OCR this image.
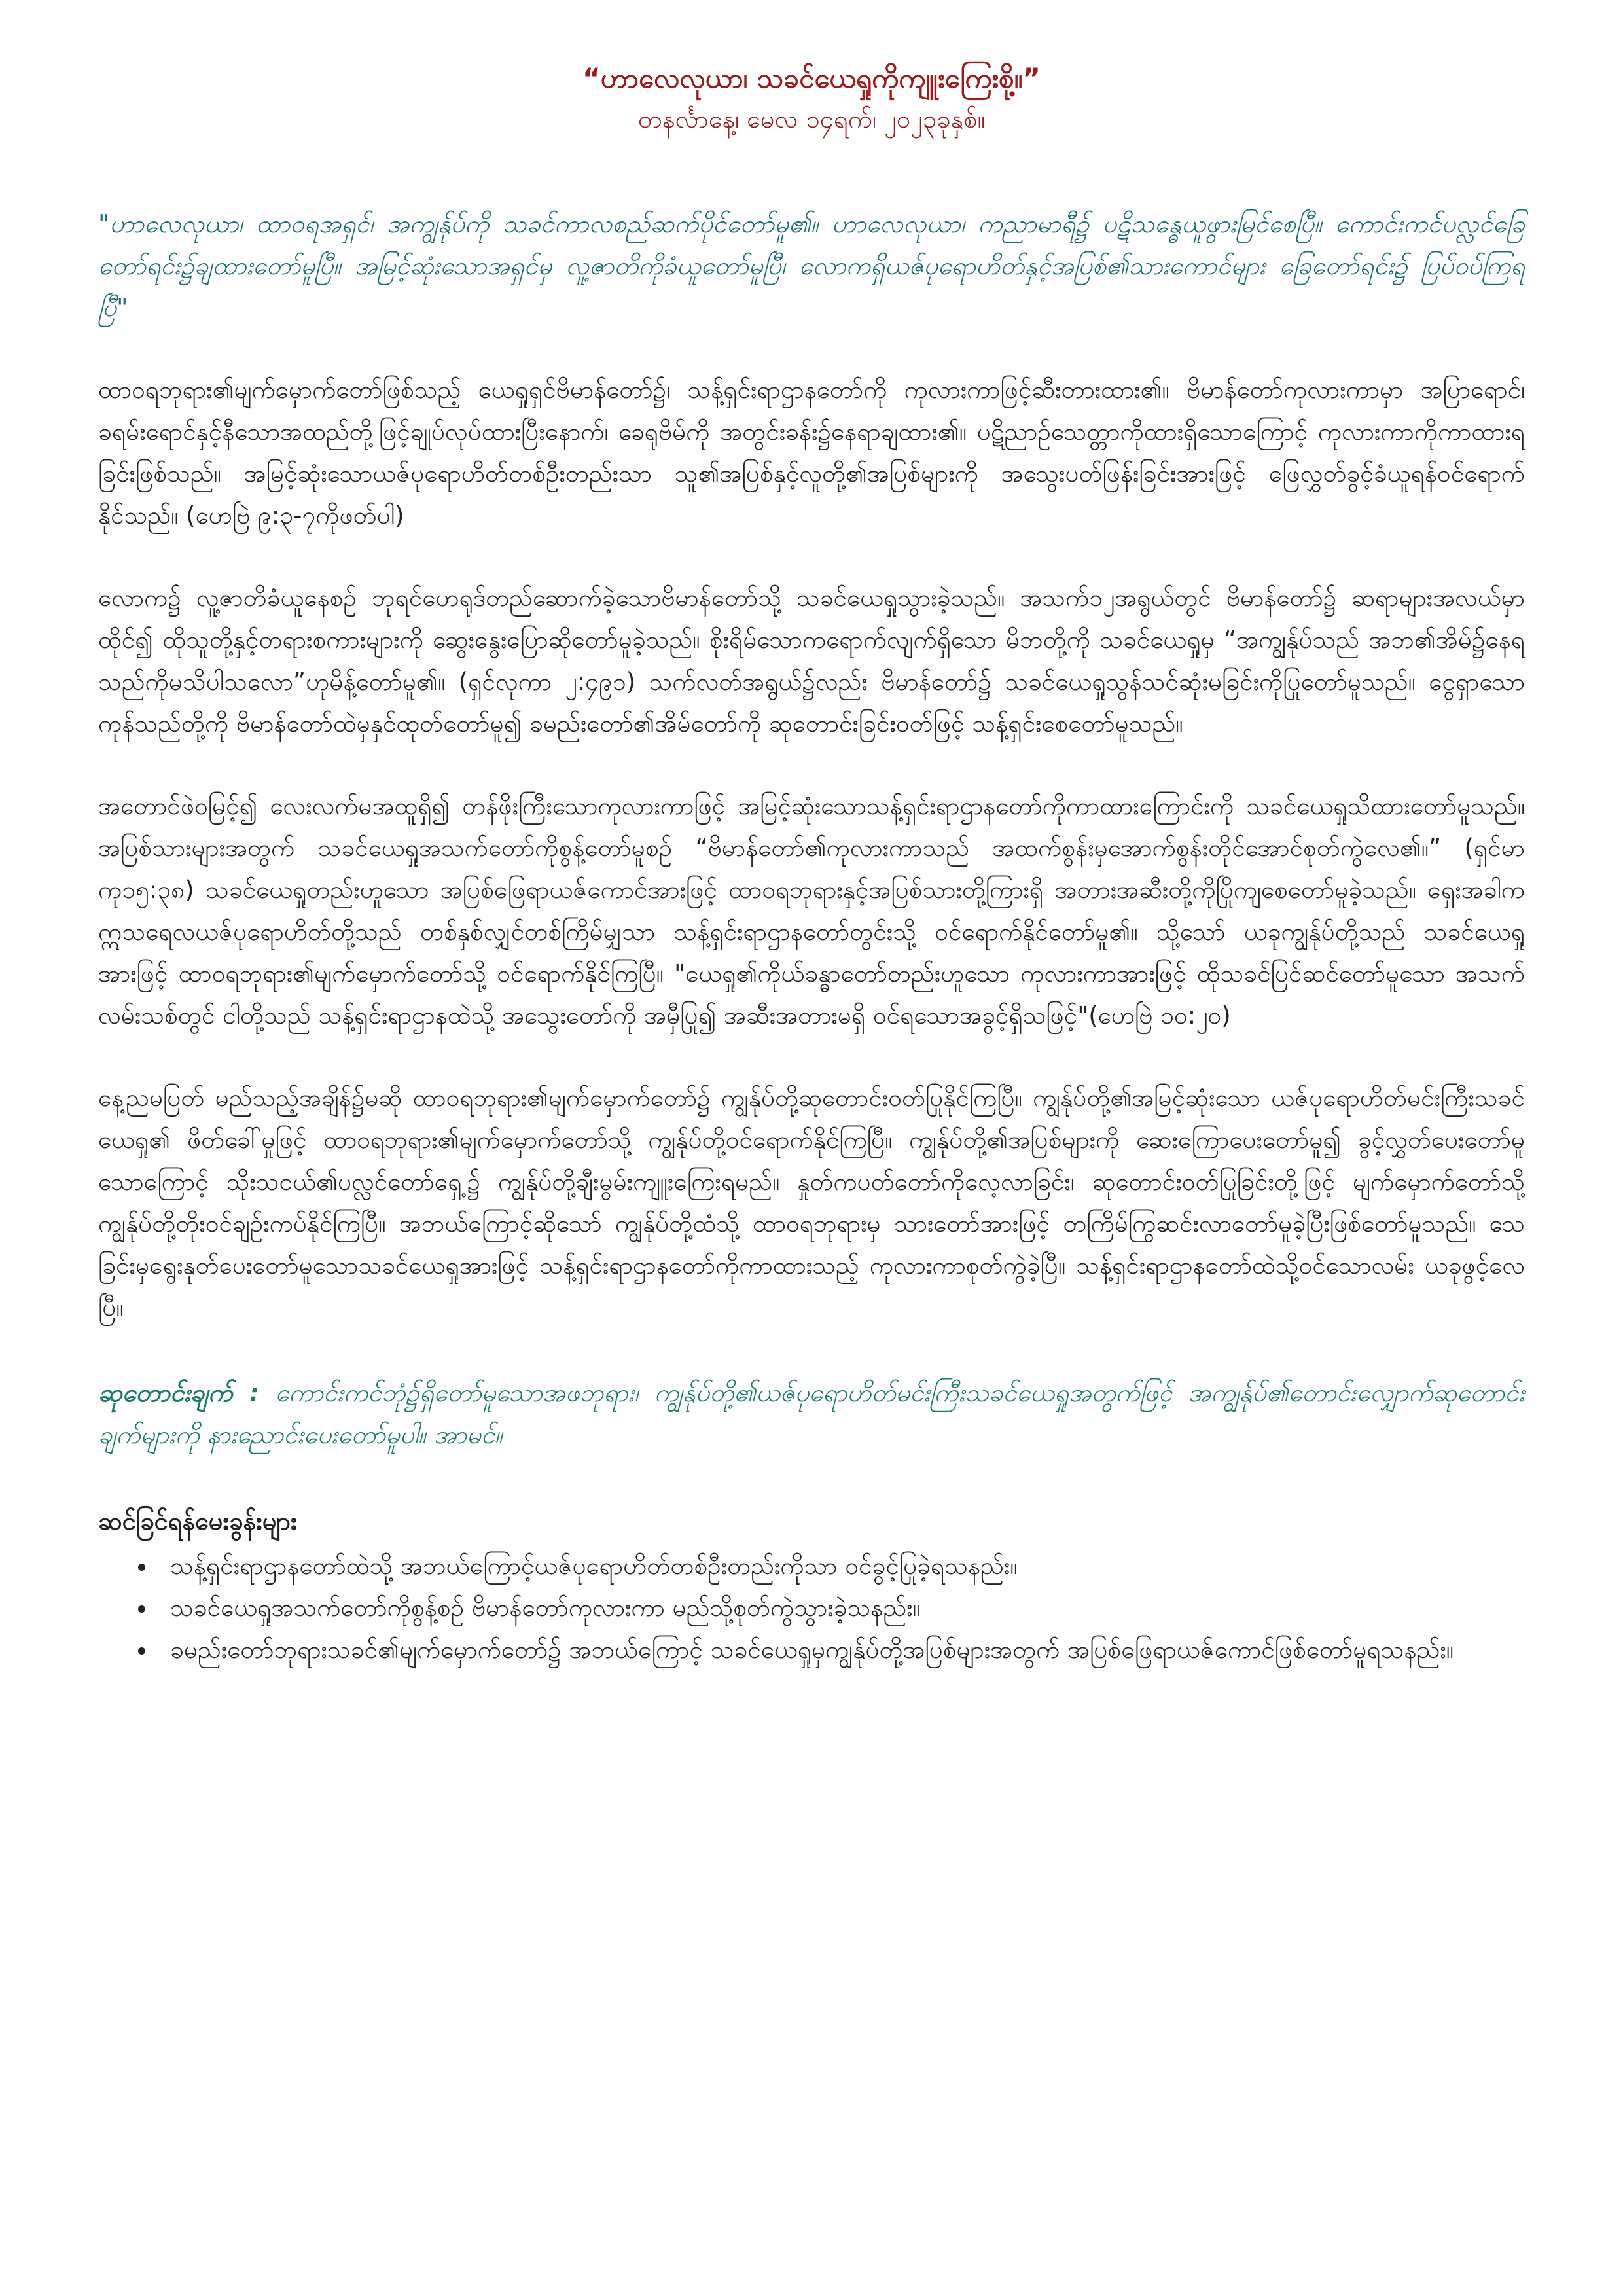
“ဟာလေလုယာ၊ သခင်ယေရှုကိုကျူးကြေးစို့။”
တနင်္လာနေ့၊ မေလ ၁၄ရက်၊ ၂၀၂၃ခုနှစ်။
"ဟာလေလုယာ၊ ထာဝရအရှင်၊ အကျွန်ုပ်ကို သခင်ကာလစည်ဆက်ပိုင်တော်မူ၏။ ဟာလေလုယာ၊ ကညာမာရီ၌ ပဋိသန္ဓေယူဖွားမြင်စေပြီ။ ကောင်းကင်ပလ္လင်ခြေတော်ရင်း၌ချထားတော်မူပြီ။ အမြင့်ဆုံးသောအရှင်မှ လူ့ဇာတိကိုခံယူတော်မူပြီ၊ လောကရှိယဇ်ပုရောဟိတ်နှင့်အပြစ်၏သားကောင်များ ခြေတော်ရင်း၌ ပြပ်ဝပ်ကြရပြီ"
ထာဝရဘုရား၏မျက်မှောက်တော်ဖြစ်သည့် ယေရှုရှင်ဗိမာန်တော်၌၊ သန့်ရှင်းရာဌာနတော်ကို ကုလားကာဖြင့်ဆီးတားထား၏။ ဗိမာန်တော်ကုလားကာမှာ အပြာရောင်၊ ခရမ်းရောင်နှင့်နီသောအထည်တို့ဖြင့်ချုပ်လုပ်ထားပြီးနောက်၊ ခေရုဗိမ်ကို အတွင်းခန်း၌နေရာချထား၏။ ပဋိညာဉ်သေတ္တာကိုထားရှိသောကြောင့် ကုလားကာကိုကာထားရခြင်းဖြစ်သည်။ အမြင့်ဆုံးသောယဇ်ပုရောဟိတ်တစ်ဦးတည်းသာ သူ၏အပြစ်နှင့်လူတို့၏အပြစ်များကို အသွေးပတ်ဖြန်းခြင်းအားဖြင့် ဖြေလွှတ်ခွင့်ခံယူရန်ဝင်ရောက်နိုင်သည်။ (ဟေဗြဲ ၉:၃-၇ကိုဖတ်ပါ)
လောက၌ လူ့ဇာတိခံယူနေစဉ် ဘုရင်ဟေရုဒ်တည်ဆောက်ခဲ့သောဗိမာန်တော်သို့ သခင်ယေရှုသွားခဲ့သည်။ အသက်၁၂အရွယ်တွင် ဗိမာန်တော်၌ ဆရာများအလယ်မှာထိုင်၍ ထိုသူတို့နှင့်တရားစကားများကို ဆွေးနွေးပြောဆိုတော်မူခဲ့သည်။ စိုးရိမ်သောကရောက်လျက်ရှိသော မိဘတို့ကို သခင်ယေရှုမှ “အကျွန်ုပ်သည် အဘ၏အိမ်၌နေရသည်ကိုမသိပါသလော”ဟုမိန့်တော်မူ၏။ (ရှင်လုကာ ၂:၄၉၁) သက်လတ်အရွယ်၌လည်း ဗိမာန်တော်၌ သခင်ယေရှုသွန်သင်ဆုံးမခြင်းကိုပြုတော်မူသည်။ ငွေရှာသောကုန်သည်တို့ကို ဗိမာန်တော်ထဲမှနှင်ထုတ်တော်မူ၍ ခမည်းတော်၏အိမ်တော်ကို ဆုတောင်းခြင်းဝတ်ဖြင့် သန့်ရှင်းစေတော်မူသည်။
အတောင်ဖဲဝမြင့်၍ လေးလက်မအထူရှိ၍ တန်ဖိုးကြီးသောကုလားကာဖြင့် အမြင့်ဆုံးသောသန့်ရှင်းရာဌာနတော်ကိုကာထားကြောင်းကို သခင်ယေရှုသိထားတော်မူသည်။ အပြစ်သားများအတွက် သခင်ယေရှုအသက်တော်ကိုစွန့်တော်မူစဉ် “ဗိမာန်တော်၏ကုလားကာသည် အထက်စွန်းမှအောက်စွန်းတိုင်အောင်စုတ်ကွဲလေ၏။” (ရှင်မာကု၁၅:၃၈) သခင်ယေရှုတည်းဟူသော အပြစ်ဖြေရာယဇ်ကောင်အားဖြင့် ထာဝရဘုရားနှင့်အပြစ်သားတို့ကြားရှိ အတားအဆီးတို့ကိုပြိုကျစေတော်မူခဲ့သည်။ ရှေးအခါက ဣသရေလယဇ်ပုရောဟိတ်တို့သည် တစ်နှစ်လျှင်တစ်ကြိမ်မျှသာ သန့်ရှင်းရာဌာနတော်တွင်းသို့ ဝင်ရောက်နိုင်တော်မူ၏။ သို့သော် ယခုကျွန်ုပ်တို့သည် သခင်ယေရှုအားဖြင့် ထာဝရဘုရား၏မျက်မှောက်တော်သို့ ဝင်ရောက်နိုင်ကြပြီ။ "ယေရှု၏ကိုယ်ခန္ဓာတော်တည်းဟူသော ကုလားကာအားဖြင့် ထိုသခင်ပြင်ဆင်တော်မူသော အသက်လမ်းသစ်တွင် ငါတို့သည် သန့်ရှင်းရာဌာနထဲသို့ အသွေးတော်ကို အမှီပြု၍ အဆီးအတားမရှိ ဝင်ရသောအခွင့်ရှိသဖြင့်"(ဟေဗြဲ ၁၀:၂၀)
နေ့ညမပြတ် မည်သည့်အချိန်၌မဆို ထာဝရဘုရား၏မျက်မှောက်တော်၌ ကျွန်ုပ်တို့ဆုတောင်းဝတ်ပြုနိုင်ကြပြီ။ ကျွန်ုပ်တို့၏အမြင့်ဆုံးသော ယဇ်ပုရောဟိတ်မင်းကြီးသခင်ယေရှု၏ ဖိတ်ခေါ်မှုဖြင့် ထာဝရဘုရား၏မျက်မှောက်တော်သို့ ကျွန်ုပ်တို့ဝင်ရောက်နိုင်ကြပြီ။ ကျွန်ုပ်တို့၏အပြစ်များကို ဆေးကြောပေးတော်မူ၍ ခွင့်လွှတ်ပေးတော်မူသောကြောင့် သိုးသငယ်၏ပလ္လင်တော်ရှေ့၌ ကျွန်ုပ်တို့ချီးမွမ်းကျူးကြေးရမည်။ နှုတ်ကပတ်တော်ကိုလေ့လာခြင်း၊ ဆုတောင်းဝတ်ပြုခြင်းတို့ဖြင့် မျက်မှောက်တော်သို့ ကျွန်ုပ်တို့တိုးဝင်ချဉ်းကပ်နိုင်ကြပြီ။ အဘယ်ကြောင့်ဆိုသော် ကျွန်ုပ်တို့ထံသို့ ထာဝရဘုရားမှ သားတော်အားဖြင့် တကြိမ်ကြွဆင်းလာတော်မူခဲ့ပြီးဖြစ်တော်မူသည်။ သေခြင်းမှရွေးနုတ်ပေးတော်မူသောသခင်ယေရှုအားဖြင့် သန့်ရှင်းရာဌာနတော်ကိုကာထားသည့် ကုလားကာစုတ်ကွဲခဲ့ပြီ။ သန့်ရှင်းရာဌာနတော်ထဲသို့ဝင်သောလမ်း ယခုဖွင့်လေပြီ။
ဆုတောင်းချက် : ကောင်းကင်ဘုံ၌ရှိတော်မူသောအဖဘုရား၊ ကျွန်ုပ်တို့၏ယဇ်ပုရောဟိတ်မင်းကြီးသခင်ယေရှုအတွက်ဖြင့် အကျွန်ုပ်၏တောင်းလျှောက်ဆုတောင်းချက်များကို နားညောင်းပေးတော်မူပါ။ အာမင်။
ဆင်ခြင်ရန်မေးခွန်းများ
• သန့်ရှင်းရာဌာနတော်ထဲသို့ အဘယ်ကြောင့်ယဇ်ပုရောဟိတ်တစ်ဦးတည်းကိုသာ ဝင်ခွင့်ပြုခဲ့ရသနည်း။
• သခင်ယေရှုအသက်တော်ကိုစွန့်စဉ် ဗိမာန်တော်ကုလားကာ မည်သို့စုတ်ကွဲသွားခဲ့သနည်း။
• ခမည်းတော်ဘုရားသခင်၏မျက်မှောက်တော်၌ အဘယ်ကြောင့် သခင်ယေရှုမှကျွန်ုပ်တို့အပြစ်များအတွက် အပြစ်ဖြေရာယဇ်ကောင်ဖြစ်တော်မူရသနည်း။
